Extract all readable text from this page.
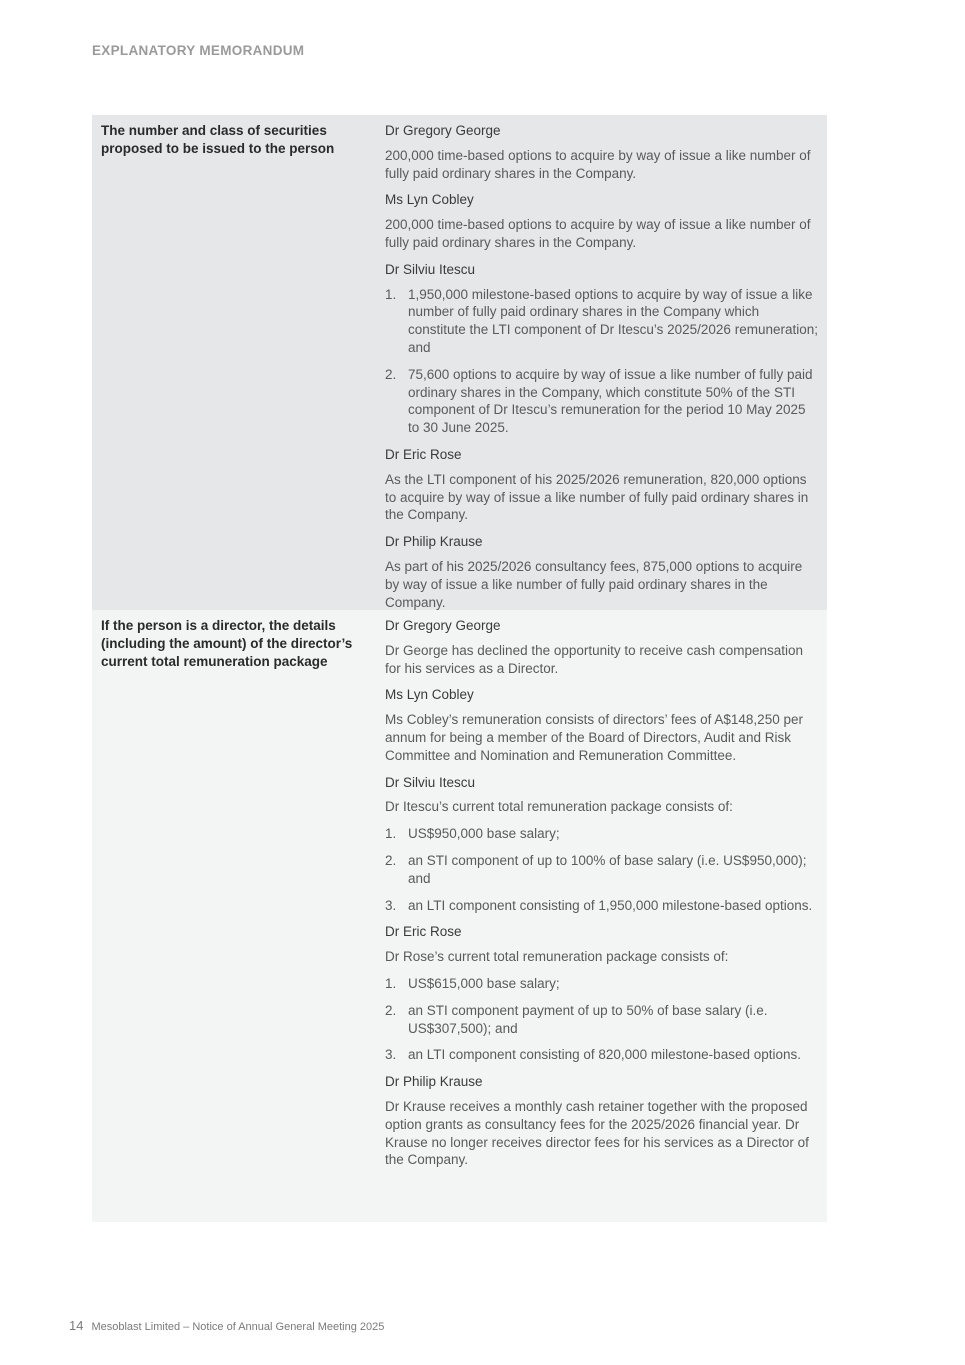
EXPLANATORY MEMORANDUM
The number and class of securities proposed to be issued to the person

Dr Gregory George

200,000 time-based options to acquire by way of issue a like number of fully paid ordinary shares in the Company.

Ms Lyn Cobley

200,000 time-based options to acquire by way of issue a like number of fully paid ordinary shares in the Company.

Dr Silviu Itescu

1. 1,950,000 milestone-based options to acquire by way of issue a like number of fully paid ordinary shares in the Company which constitute the LTI component of Dr Itescu’s 2025/2026 remuneration; and
2. 75,600 options to acquire by way of issue a like number of fully paid ordinary shares in the Company, which constitute 50% of the STI component of Dr Itescu’s remuneration for the period 10 May 2025 to 30 June 2025.

Dr Eric Rose

As the LTI component of his 2025/2026 remuneration, 820,000 options to acquire by way of issue a like number of fully paid ordinary shares in the Company.

Dr Philip Krause

As part of his 2025/2026 consultancy fees, 875,000 options to acquire by way of issue a like number of fully paid ordinary shares in the Company.

If the person is a director, the details (including the amount) of the director’s current total remuneration package

Dr Gregory George

Dr George has declined the opportunity to receive cash compensation for his services as a Director.

Ms Lyn Cobley

Ms Cobley’s remuneration consists of directors’ fees of A$148,250 per annum for being a member of the Board of Directors, Audit and Risk Committee and Nomination and Remuneration Committee.

Dr Silviu Itescu

Dr Itescu’s current total remuneration package consists of:

1. US$950,000 base salary;
2. an STI component of up to 100% of base salary (i.e. US$950,000); and
3. an LTI component consisting of 1,950,000 milestone-based options.

Dr Eric Rose

Dr Rose’s current total remuneration package consists of:

1. US$615,000 base salary;
2. an STI component payment of up to 50% of base salary (i.e. US$307,500); and
3. an LTI component consisting of 820,000 milestone-based options.

Dr Philip Krause

Dr Krause receives a monthly cash retainer together with the proposed option grants as consultancy fees for the 2025/2026 financial year. Dr Krause no longer receives director fees for his services as a Director of the Company.

14 Mesoblast Limited – Notice of Annual General Meeting 2025
